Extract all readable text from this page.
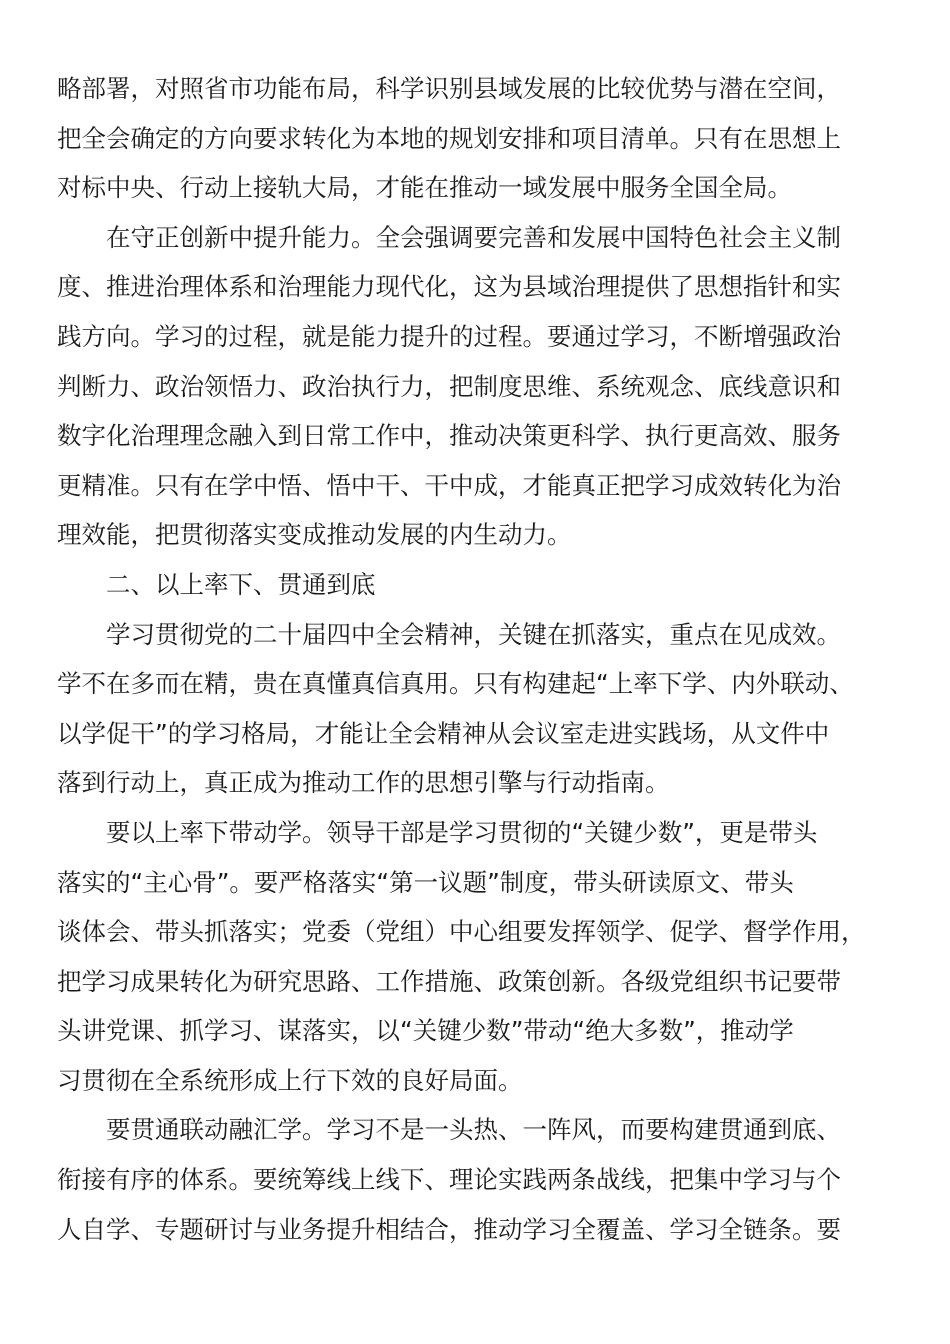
略部署，对照省市功能布局，科学识别县域发展的比较优势与潜在空间，
把全会确定的方向要求转化为本地的规划安排和项目清单。只有在思想上
对标中央、行动上接轨大局，才能在推动一域发展中服务全国全局。
在守正创新中提升能力。全会强调要完善和发展中国特色社会主义制
度、推进治理体系和治理能力现代化，这为县域治理提供了思想指针和实
践方向。学习的过程，就是能力提升的过程。要通过学习，不断增强政治
判断力、政治领悟力、政治执行力，把制度思维、系统观念、底线意识和
数字化治理理念融入到日常工作中，推动决策更科学、执行更高效、服务
更精准。只有在学中悟、悟中干、干中成，才能真正把学习成效转化为治
理效能，把贯彻落实变成推动发展的内生动力。
二、以上率下、贯通到底
学习贯彻党的二十届四中全会精神，关键在抓落实，重点在见成效。
学不在多而在精，贵在真懂真信真用。只有构建起“上率下学、内外联动、
以学促干”的学习格局，才能让全会精神从会议室走进实践场，从文件中
落到行动上，真正成为推动工作的思想引擎与行动指南。
要以上率下带动学。领导干部是学习贯彻的“关键少数”，更是带头
落实的“主心骨”。要严格落实“第一议题”制度，带头研读原文、带头
谈体会、带头抓落实；党委（党组）中心组要发挥领学、促学、督学作用，
把学习成果转化为研究思路、工作措施、政策创新。各级党组织书记要带
头讲党课、抓学习、谋落实，以“关键少数”带动“绝大多数”，推动学
习贯彻在全系统形成上行下效的良好局面。
要贯通联动融汇学。学习不是一头热、一阵风，而要构建贯通到底、
衔接有序的体系。要统筹线上线下、理论实践两条战线，把集中学习与个
人自学、专题研讨与业务提升相结合，推动学习全覆盖、学习全链条。要
